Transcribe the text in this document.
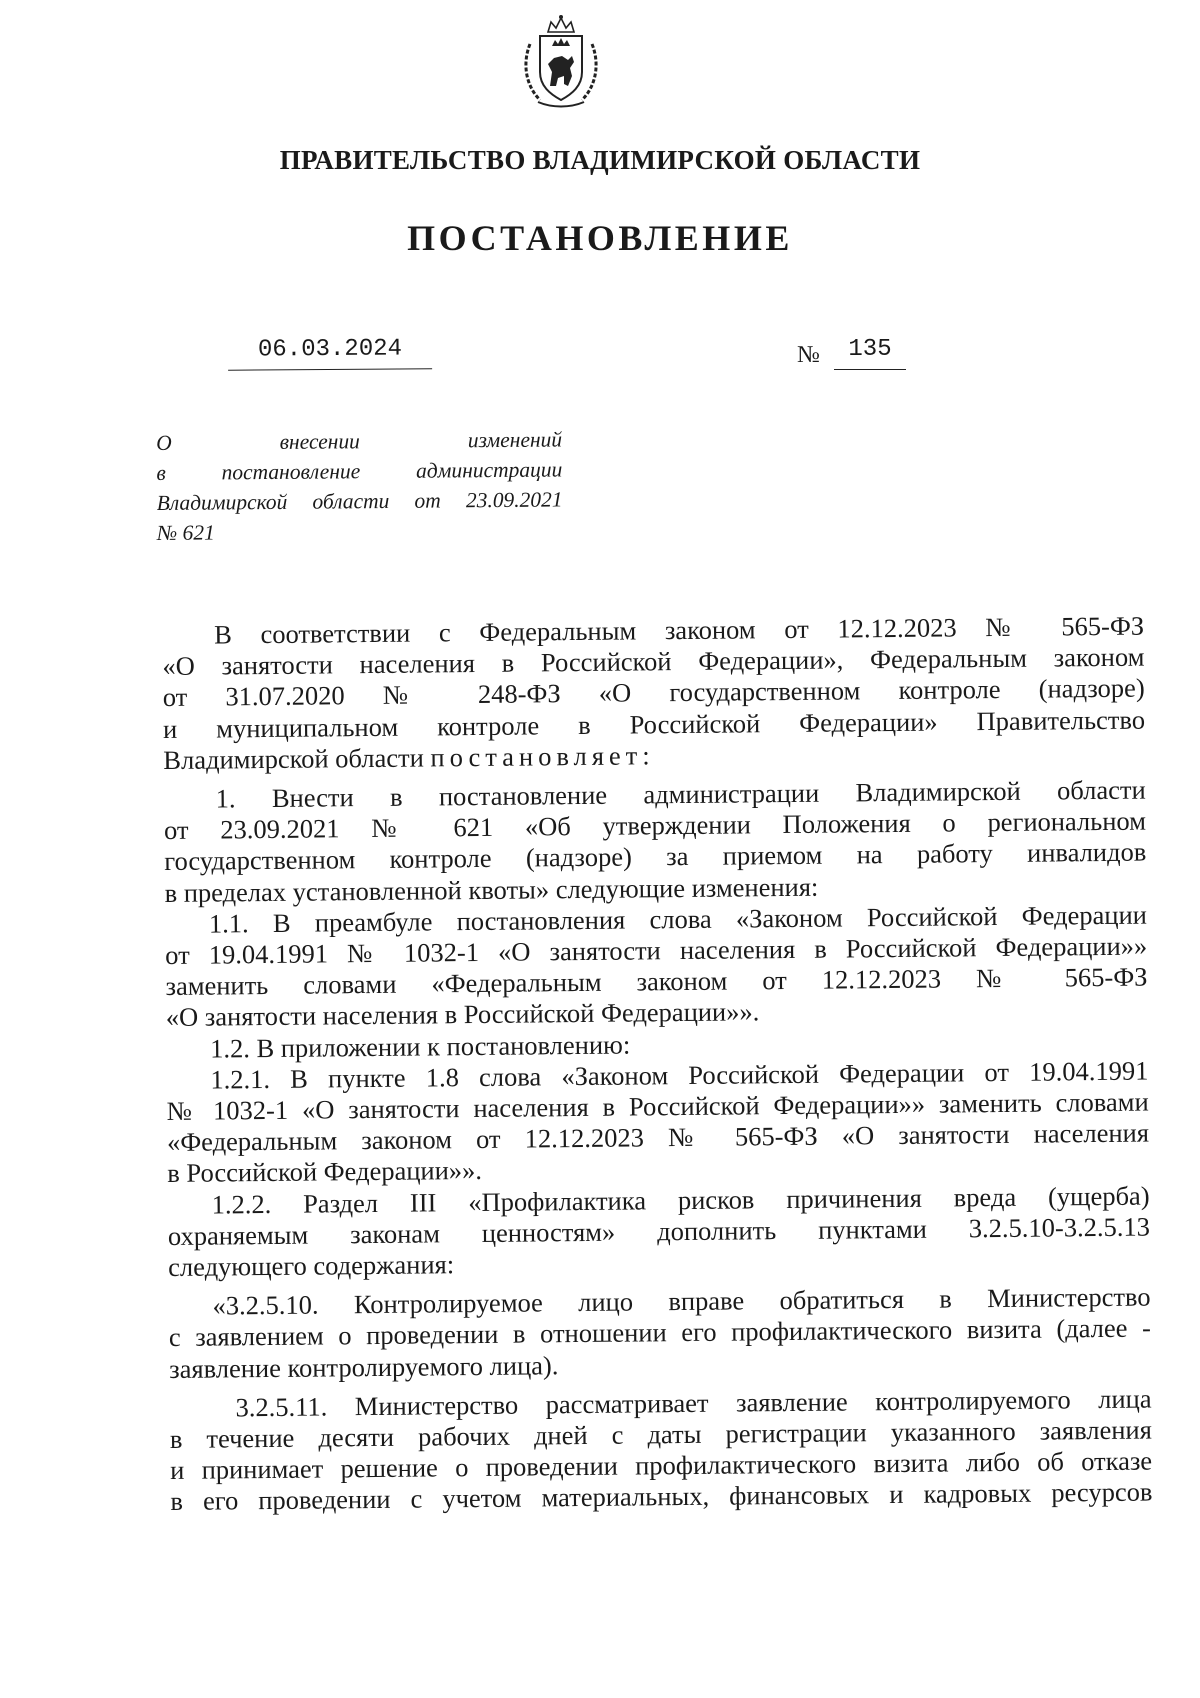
ПРАВИТЕЛЬСТВО ВЛАДИМИРСКОЙ ОБЛАСТИ
ПОСТАНОВЛЕНИЕ
06.03.2024	№	135
О внесении изменений
в постановление администрации
Владимирской области от 23.09.2021
№ 621
В соответствии с Федеральным законом от 12.12.2023 № 565-ФЗ
«О занятости населения в Российской Федерации», Федеральным законом
от 31.07.2020 № 248-ФЗ «О государственном контроле (надзоре)
и муниципальном контроле в Российской Федерации» Правительство
Владимирской области постановляет:
1. Внести в постановление администрации Владимирской области
от 23.09.2021 № 621 «Об утверждении Положения о региональном
государственном контроле (надзоре) за приемом на работу инвалидов
в пределах установленной квоты» следующие изменения:
1.1. В преамбуле постановления слова «Законом Российской Федерации
от 19.04.1991 № 1032-1 «О занятости населения в Российской Федерации»»
заменить словами «Федеральным законом от 12.12.2023 № 565-ФЗ
«О занятости населения в Российской Федерации»».
1.2. В приложении к постановлению:
1.2.1. В пункте 1.8 слова «Законом Российской Федерации от 19.04.1991
№ 1032-1 «О занятости населения в Российской Федерации»» заменить словами
«Федеральным законом от 12.12.2023 № 565-ФЗ «О занятости населения
в Российской Федерации»».
1.2.2. Раздел III «Профилактика рисков причинения вреда (ущерба)
охраняемым законам ценностям» дополнить пунктами 3.2.5.10-3.2.5.13
следующего содержания:
«3.2.5.10. Контролируемое лицо вправе обратиться в Министерство
с заявлением о проведении в отношении его профилактического визита (далее -
заявление контролируемого лица).
3.2.5.11. Министерство рассматривает заявление контролируемого лица
в течение десяти рабочих дней с даты регистрации указанного заявления
и принимает решение о проведении профилактического визита либо об отказе
в его проведении с учетом материальных, финансовых и кадровых ресурсов
